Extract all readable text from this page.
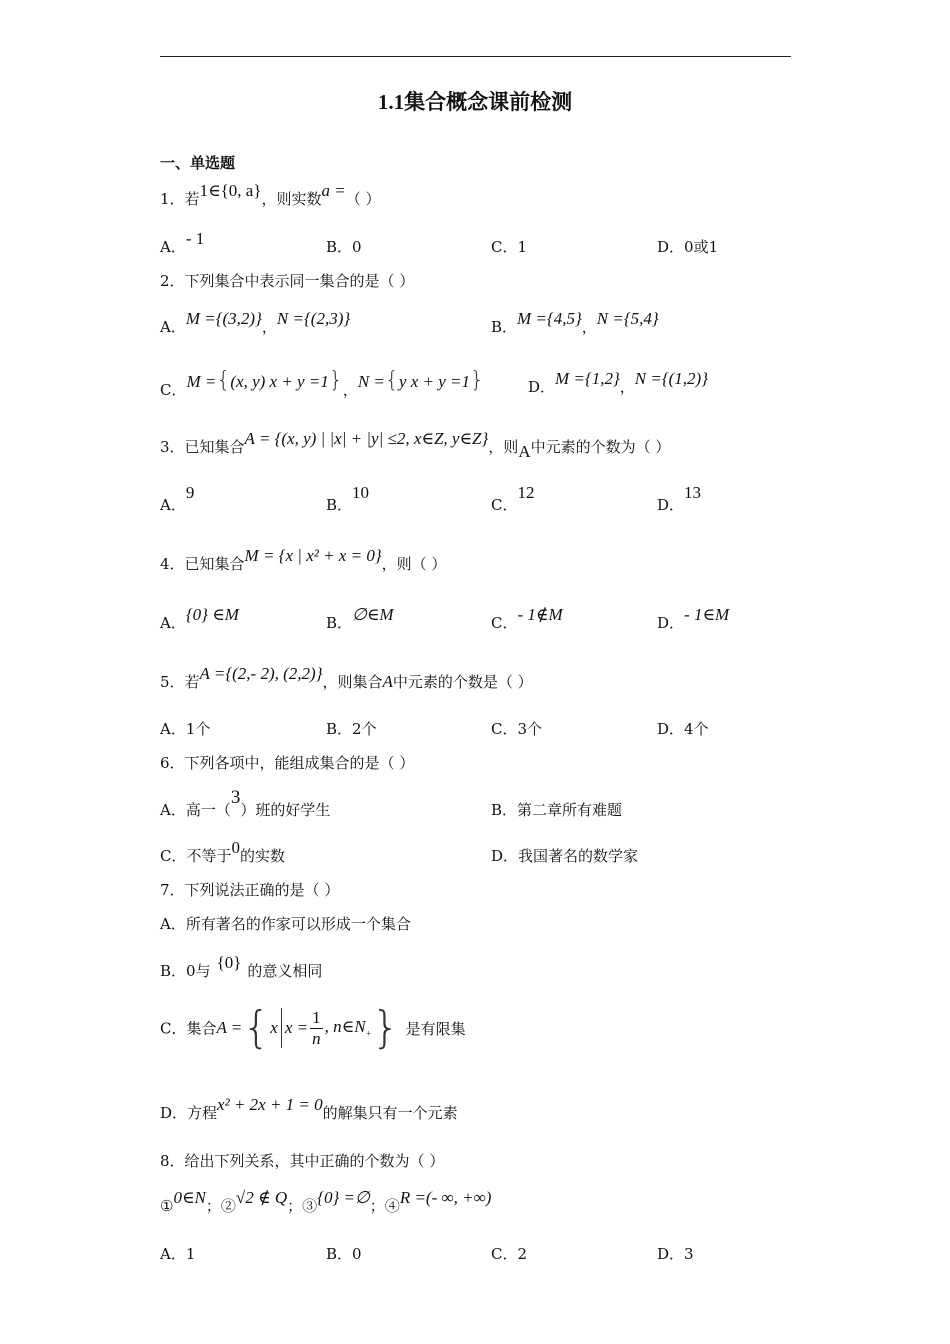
1.1集合概念课前检测
一、单选题
1．若1∈{0, a}，则实数a =（ ）
A．- 1	B．0	C．1	D．0或1
2．下列集合中表示同一集合的是（ ）
A．M ={(3,2)}，N ={(2,3)}	B．M ={4,5}，N ={5,4}
C．M ={(x, y) x + y =1}，N ={y x + y =1}	D．M ={1,2}，N ={(1,2)}
3．已知集合A = {(x, y) | |x| + |y| ≤2, x∈Z, y∈Z}，则A中元素的个数为（ ）
A．9
B．10
C．12
D．13
4．已知集合M = {x | x² + x = 0}，则（ ）
A．{0} ∈M	B．∅∈M	C．- 1∉M	D．- 1∈M
5．若A ={(2,- 2), (2,2)}，则集合A中元素的个数是（ ）
A．1个	B．2个	C．3个	D．4个
6．下列各项中，能组成集合的是（ ）
A．高一（3）班的好学生	B．第二章所有难题
C．不等于0的实数	D．我国著名的数学家
7．下列说法正确的是（ ）
A．所有著名的作家可以形成一个集合
B．0与 {0} 的意义相同
C．集合A ={x $x = \frac{1}{n}$ , $n\in N_+$} 是有限集
D．方程x² + 2x + 1 = 0的解集只有一个元素
8．给出下列关系，其中正确的个数为（ ）
①0∈N；②√2 ∉ Q；③{0} =∅；④R =(- ∞, +∞)
A．1	B．0	C．2	D．3
